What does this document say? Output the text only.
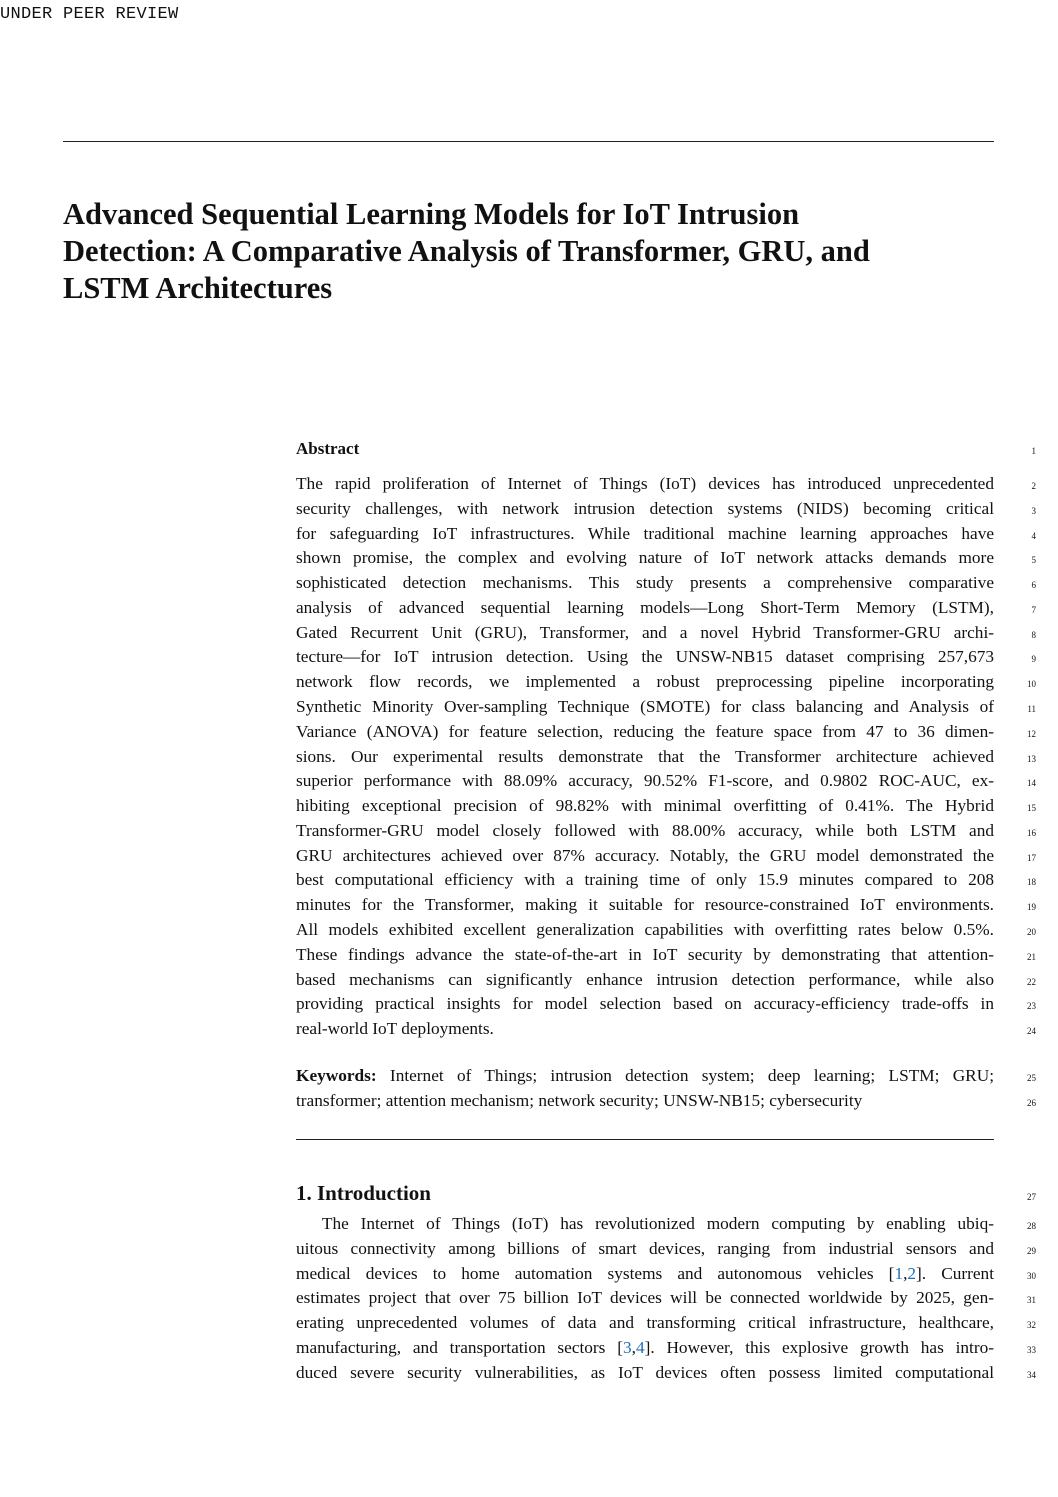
UNDER PEER REVIEW
Advanced Sequential Learning Models for IoT Intrusion
Detection: A Comparative Analysis of Transformer, GRU, and
LSTM Architectures
Abstract	1
The rapid proliferation of Internet of Things (IoT) devices has introduced unprecedented	2
security challenges, with network intrusion detection systems (NIDS) becoming critical	3
for safeguarding IoT infrastructures. While traditional machine learning approaches have	4
shown promise, the complex and evolving nature of IoT network attacks demands more	5
sophisticated detection mechanisms. This study presents a comprehensive comparative	6
analysis of advanced sequential learning models—Long Short-Term Memory (LSTM),	7
Gated Recurrent Unit (GRU), Transformer, and a novel Hybrid Transformer-GRU archi-	8
tecture—for IoT intrusion detection. Using the UNSW-NB15 dataset comprising 257,673	9
network flow records, we implemented a robust preprocessing pipeline incorporating	10
Synthetic Minority Over-sampling Technique (SMOTE) for class balancing and Analysis of	11
Variance (ANOVA) for feature selection, reducing the feature space from 47 to 36 dimen-	12
sions. Our experimental results demonstrate that the Transformer architecture achieved	13
superior performance with 88.09% accuracy, 90.52% F1-score, and 0.9802 ROC-AUC, ex-	14
hibiting exceptional precision of 98.82% with minimal overfitting of 0.41%. The Hybrid	15
Transformer-GRU model closely followed with 88.00% accuracy, while both LSTM and	16
GRU architectures achieved over 87% accuracy. Notably, the GRU model demonstrated the	17
best computational efficiency with a training time of only 15.9 minutes compared to 208	18
minutes for the Transformer, making it suitable for resource-constrained IoT environments.	19
All models exhibited excellent generalization capabilities with overfitting rates below 0.5%.	20
These findings advance the state-of-the-art in IoT security by demonstrating that attention-	21
based mechanisms can significantly enhance intrusion detection performance, while also	22
providing practical insights for model selection based on accuracy-efficiency trade-offs in	23
real-world IoT deployments.	24
Keywords: Internet of Things; intrusion detection system; deep learning; LSTM; GRU;	25
transformer; attention mechanism; network security; UNSW-NB15; cybersecurity	26
1. Introduction	27
  The Internet of Things (IoT) has revolutionized modern computing by enabling ubiq-	28
uitous connectivity among billions of smart devices, ranging from industrial sensors and	29
medical devices to home automation systems and autonomous vehicles [1,2]. Current	30
estimates project that over 75 billion IoT devices will be connected worldwide by 2025, gen-	31
erating unprecedented volumes of data and transforming critical infrastructure, healthcare,	32
manufacturing, and transportation sectors [3,4]. However, this explosive growth has intro-	33
duced severe security vulnerabilities, as IoT devices often possess limited computational	34
